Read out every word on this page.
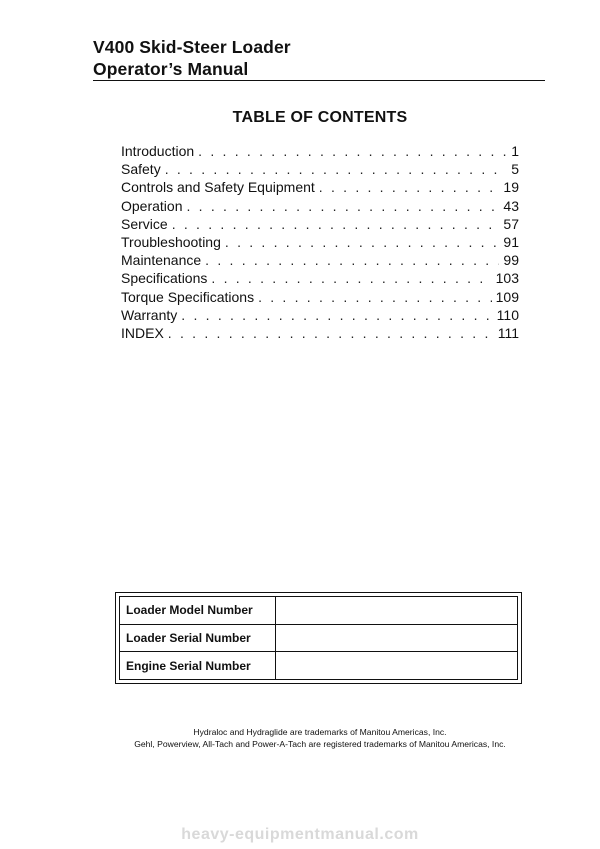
V400 Skid-Steer Loader
Operator’s Manual
TABLE OF CONTENTS
Introduction . . .	1
Safety . . .	5
Controls and Safety Equipment . . .	19
Operation . . .	43
Service . . .	57
Troubleshooting . . .	91
Maintenance . . .	99
Specifications . . .	103
Torque Specifications . . .	109
Warranty . . .	110
INDEX . . .	111
Loader Model Number
Loader Serial Number
Engine Serial Number
Hydraloc and Hydraglide are trademarks of Manitou Americas, Inc.
Gehl, Powerview, All-Tach and Power-A-Tach are registered trademarks of Manitou Americas, Inc.
heavy-equipmentmanual.com
